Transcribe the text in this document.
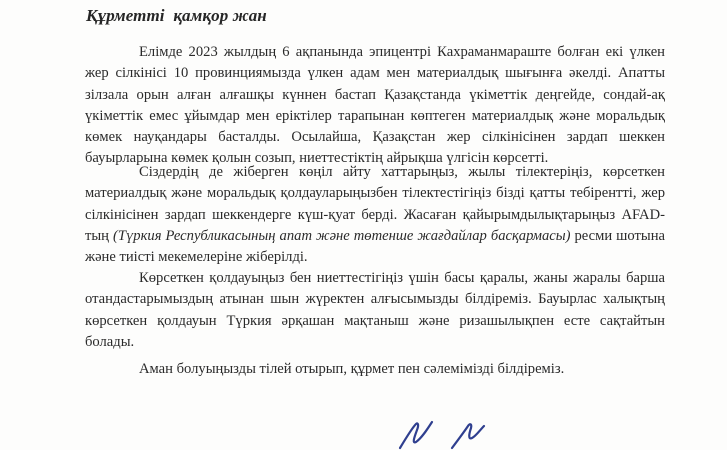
Құрметті  қамқор жан

Елімде 2023 жылдың 6 ақпанында эпицентрі Кахраманмараште болған екі үлкен жер сілкінісі 10 провинциямызда үлкен адам мен материалдық шығынға әкелді. Апатты зілзала орын алған алғашқы күннен бастап Қазақстанда үкіметтік деңгейде, сондай-ақ үкіметтік емес ұйымдар мен еріктілер тарапынан көптеген материалдық және моральдық көмек науқандары басталды. Осылайша, Қазақстан жер сілкінісінен зардап шеккен бауырларына көмек қолын созып, ниеттестіктің айрықша үлгісін көрсетті.

Сіздердің де жіберген көңіл айту хаттарыңыз, жылы тілектеріңіз, көрсеткен материалдық және моральдық қолдауларыңызбен тілектестігіңіз бізді қатты тебірентті, жер сілкінісінен зардап шеккендерге күш-қуат берді. Жасаған қайырымдылықтарыңыз AFAD-тың (Түркия Республикасының апат және төтенше жағдайлар басқармасы) ресми шотына және тиісті мекемелеріне жіберілді.

Көрсеткен қолдауыңыз бен ниеттестігіңіз үшін басы қаралы, жаны жаралы барша отандастарымыздың атынан шын жүректен алғысымызды білдіреміз. Бауырлас халықтың көрсеткен қолдауын Түркия әрқашан мақтаныш және ризашылықпен есте сақтайтын болады.

Аман болуыңызды тілей отырып, құрмет пен сәлемімізді білдіреміз.
